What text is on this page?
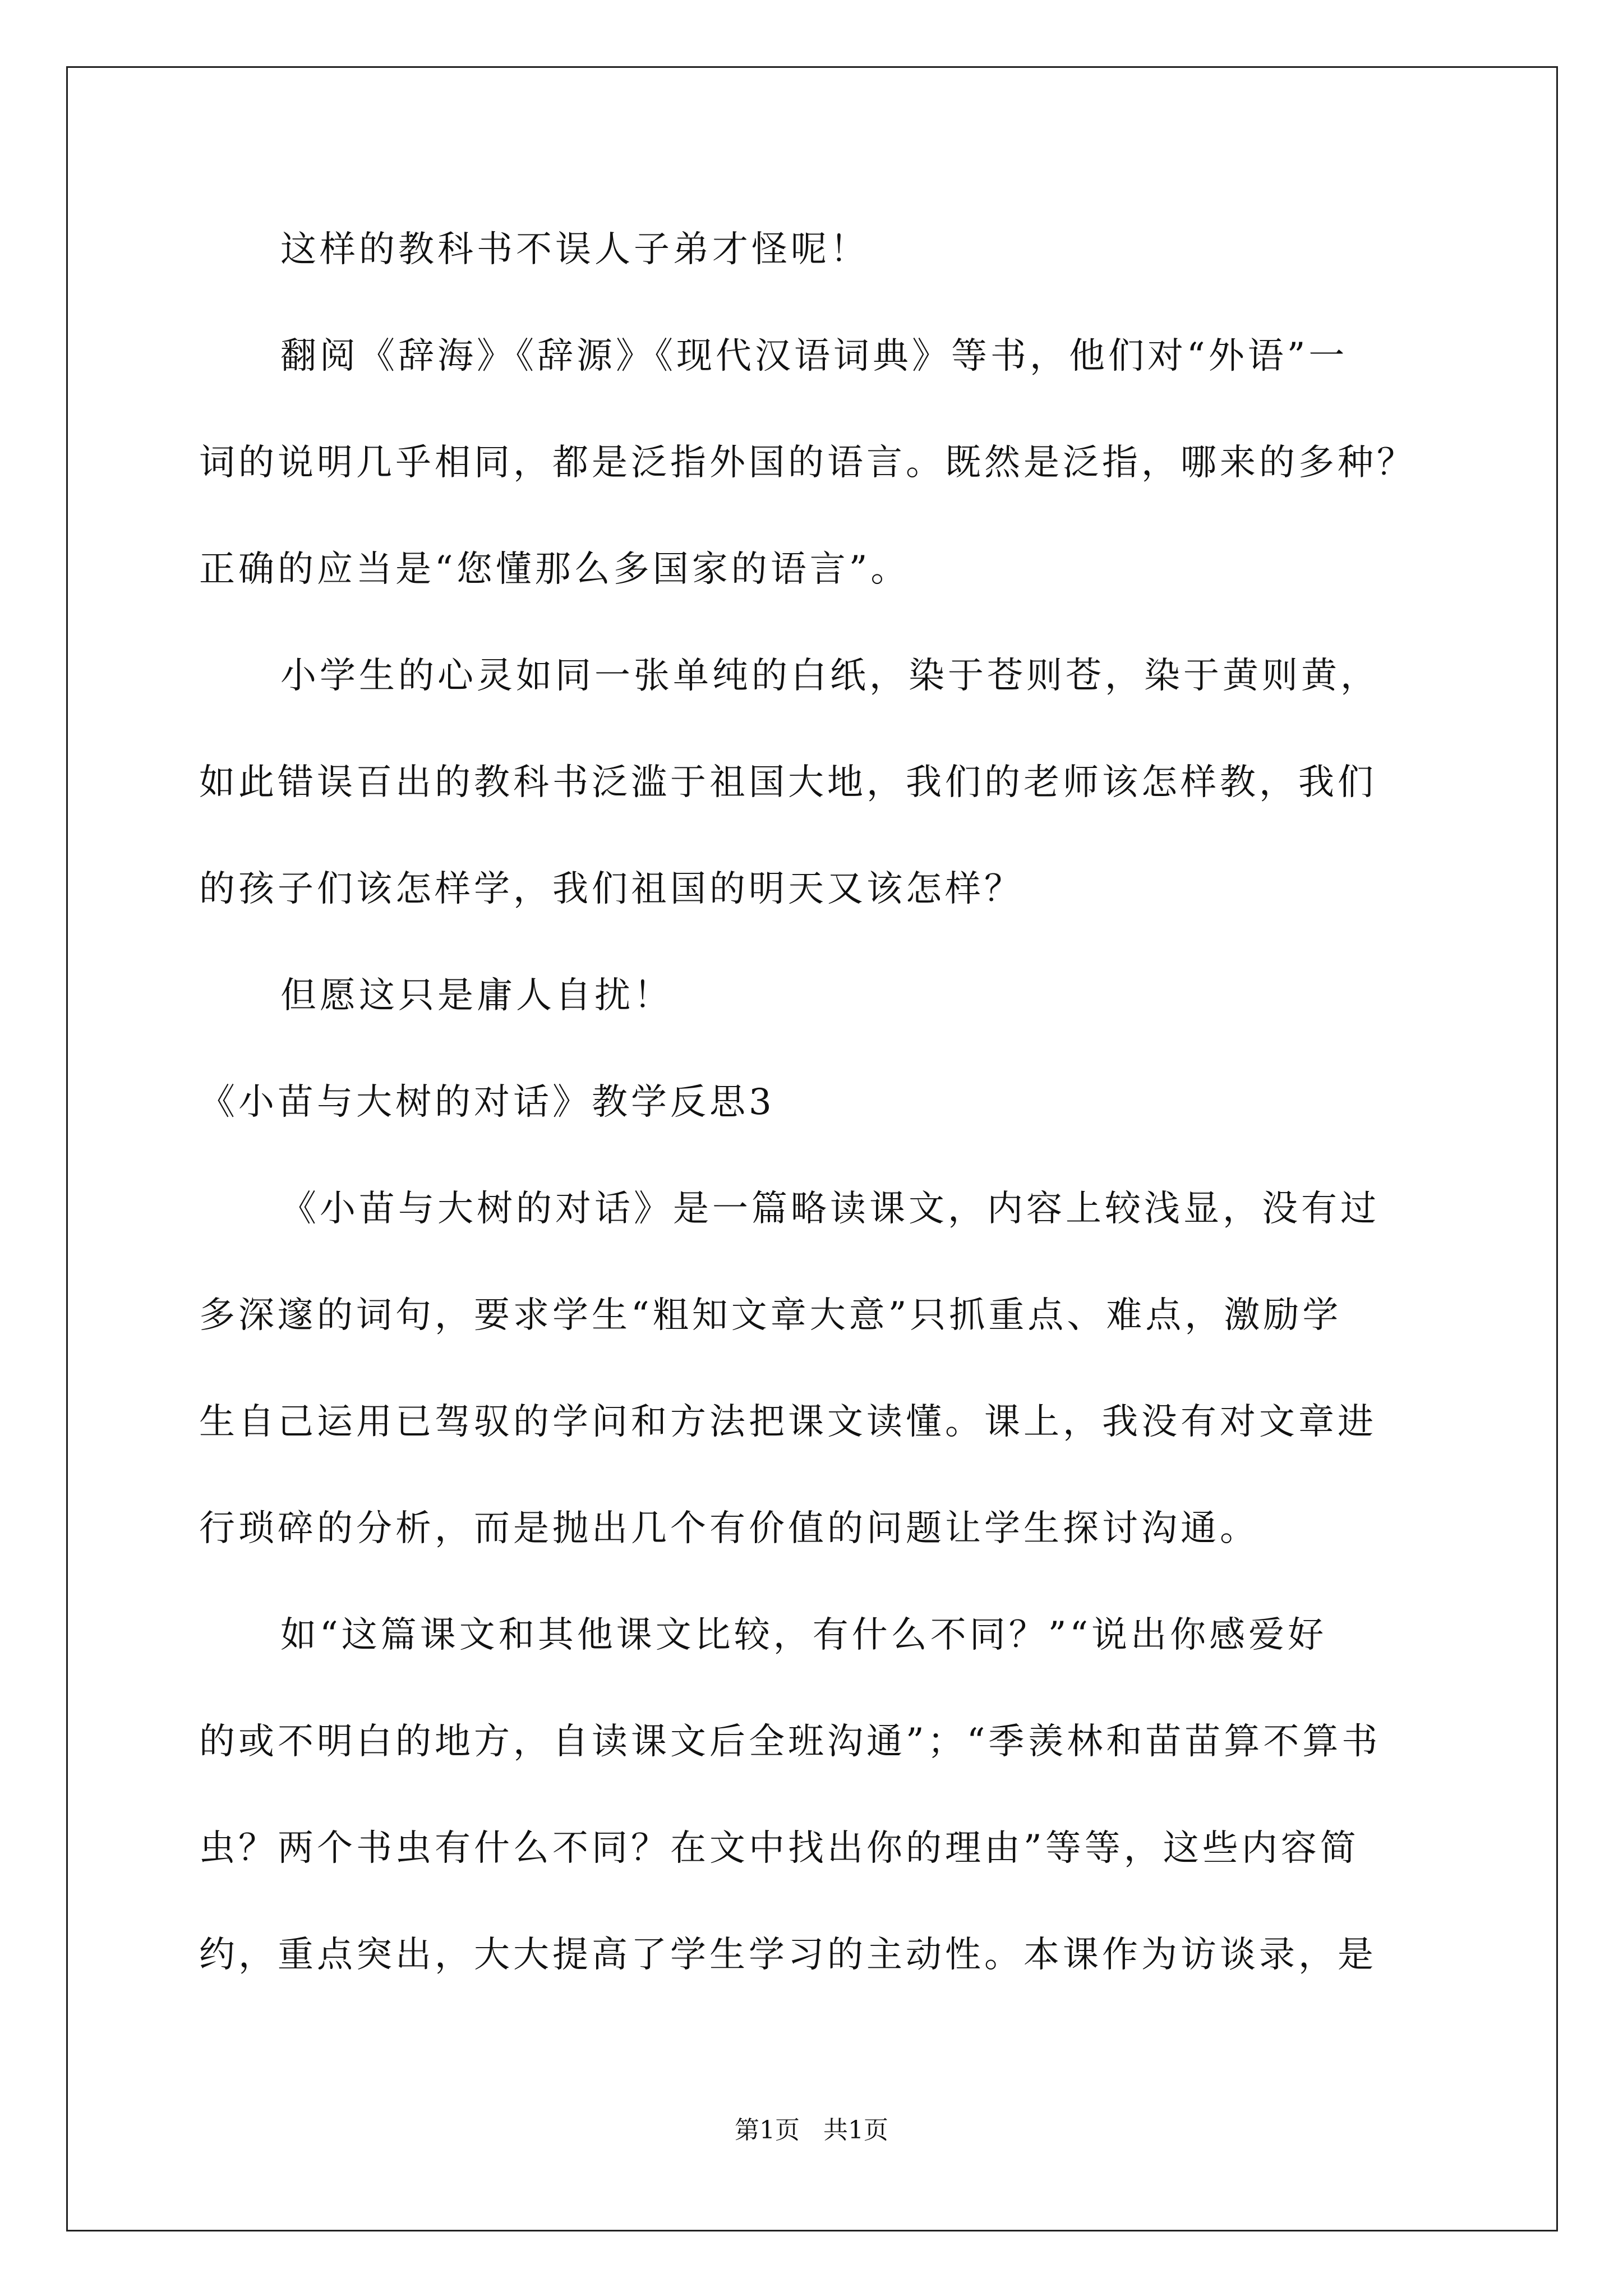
这样的教科书不误人子弟才怪呢！
翻阅《辞海》《辞源》《现代汉语词典》等书，他们对“外语”一
词的说明几乎相同，都是泛指外国的语言。既然是泛指，哪来的多种？
正确的应当是“您懂那么多国家的语言”。
小学生的心灵如同一张单纯的白纸，染于苍则苍，染于黄则黄，
如此错误百出的教科书泛滥于祖国大地，我们的老师该怎样教，我们
的孩子们该怎样学，我们祖国的明天又该怎样？
但愿这只是庸人自扰！
《小苗与大树的对话》教学反思3
《小苗与大树的对话》是一篇略读课文，内容上较浅显，没有过
多深邃的词句，要求学生“粗知文章大意”只抓重点、难点，激励学
生自己运用已驾驭的学问和方法把课文读懂。课上，我没有对文章进
行琐碎的分析，而是抛出几个有价值的问题让学生探讨沟通。
如“这篇课文和其他课文比较，有什么不同？”“说出你感爱好
的或不明白的地方，自读课文后全班沟通”；“季羡林和苗苗算不算书
虫？两个书虫有什么不同？在文中找出你的理由”等等，这些内容简
约，重点突出，大大提高了学生学习的主动性。本课作为访谈录，是
第1页 共1页
